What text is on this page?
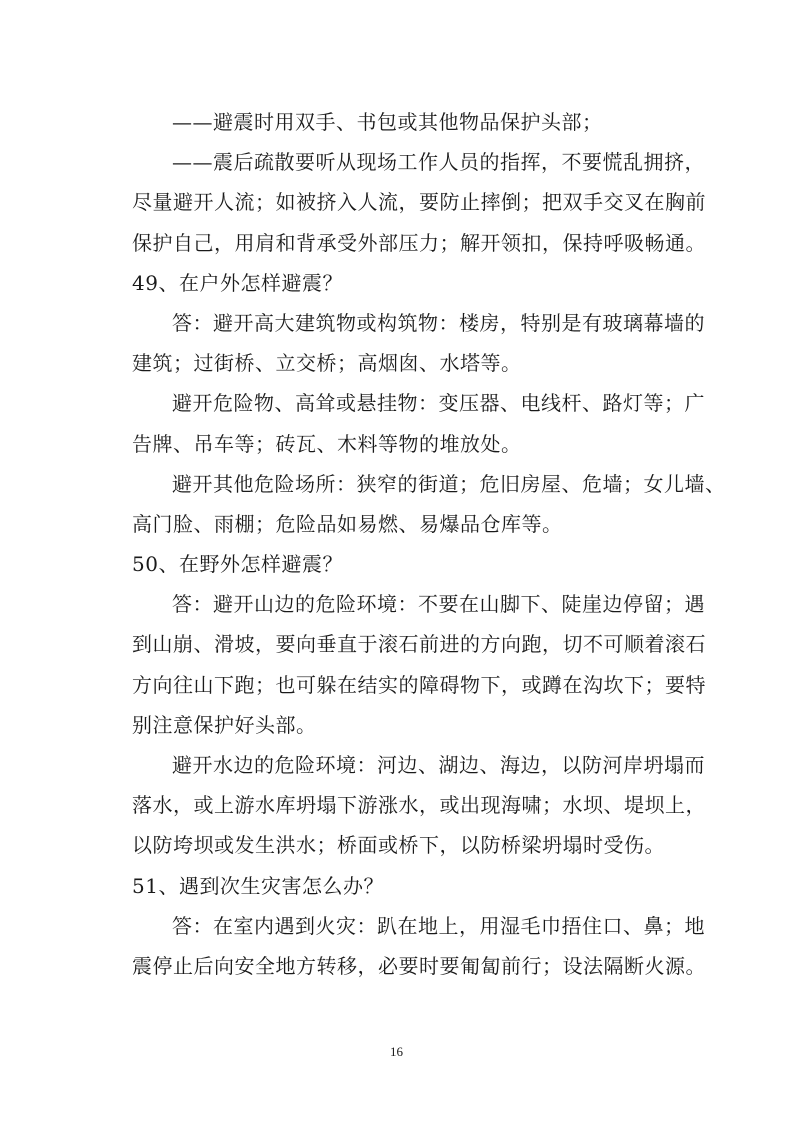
——避震时用双手、书包或其他物品保护头部；
——震后疏散要听从现场工作人员的指挥，不要慌乱拥挤，
尽量避开人流；如被挤入人流，要防止摔倒；把双手交叉在胸前
保护自己，用肩和背承受外部压力；解开领扣，保持呼吸畅通。
49、在户外怎样避震？
答：避开高大建筑物或构筑物：楼房，特别是有玻璃幕墙的
建筑；过街桥、立交桥；高烟囱、水塔等。
避开危险物、高耸或悬挂物：变压器、电线杆、路灯等；广
告牌、吊车等；砖瓦、木料等物的堆放处。
避开其他危险场所：狭窄的街道；危旧房屋、危墙；女儿墙、
高门脸、雨棚；危险品如易燃、易爆品仓库等。
50、在野外怎样避震？
答：避开山边的危险环境：不要在山脚下、陡崖边停留；遇
到山崩、滑坡，要向垂直于滚石前进的方向跑，切不可顺着滚石
方向往山下跑；也可躲在结实的障碍物下，或蹲在沟坎下；要特
别注意保护好头部。
避开水边的危险环境：河边、湖边、海边，以防河岸坍塌而
落水，或上游水库坍塌下游涨水，或出现海啸；水坝、堤坝上，
以防垮坝或发生洪水；桥面或桥下，以防桥梁坍塌时受伤。
51、遇到次生灾害怎么办？
答：在室内遇到火灾：趴在地上，用湿毛巾捂住口、鼻；地
震停止后向安全地方转移，必要时要匍匐前行；设法隔断火源。
16
